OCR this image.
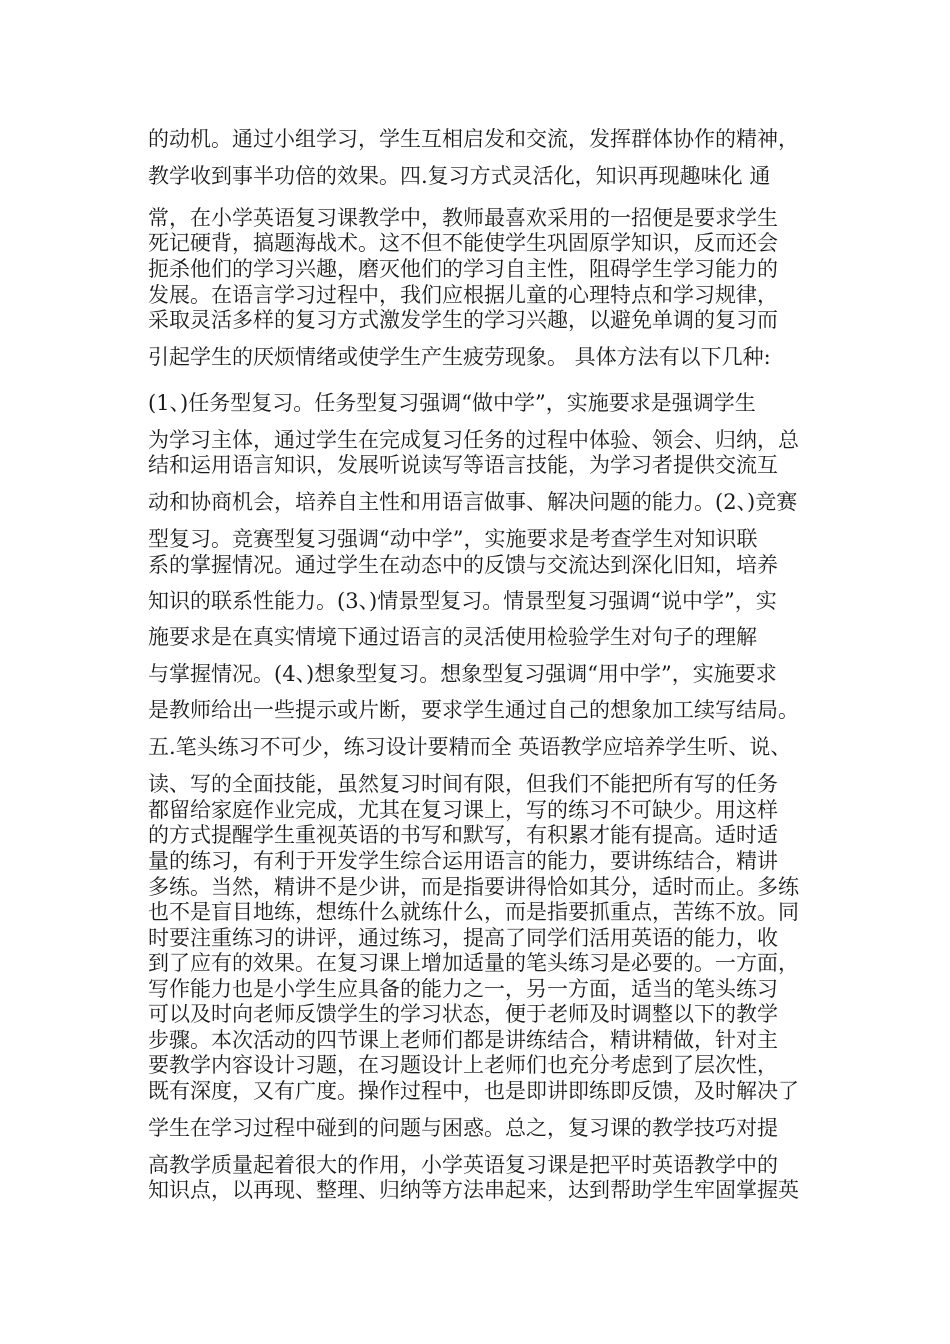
的动机。通过小组学习，学生互相启发和交流，发挥群体协作的精神，
教学收到事半功倍的效果。四.复习方式灵活化，知识再现趣味化 通
常，在小学英语复习课教学中，教师最喜欢采用的一招便是要求学生
死记硬背，搞题海战术。这不但不能使学生巩固原学知识，反而还会
扼杀他们的学习兴趣，磨灭他们的学习自主性，阻碍学生学习能力的
发展。在语言学习过程中，我们应根据儿童的心理特点和学习规律，
采取灵活多样的复习方式激发学生的学习兴趣，以避免单调的复习而
引起学生的厌烦情绪或使学生产生疲劳现象。 具体方法有以下几种:
(1、)任务型复习。任务型复习强调“做中学”，实施要求是强调学生
为学习主体，通过学生在完成复习任务的过程中体验、领会、归纳，总
结和运用语言知识，发展听说读写等语言技能，为学习者提供交流互
动和协商机会，培养自主性和用语言做事、解决问题的能力。(2、)竞赛
型复习。竞赛型复习强调“动中学”，实施要求是考查学生对知识联
系的掌握情况。通过学生在动态中的反馈与交流达到深化旧知，培养
知识的联系性能力。(3、)情景型复习。情景型复习强调“说中学”，实
施要求是在真实情境下通过语言的灵活使用检验学生对句子的理解
与掌握情况。(4、)想象型复习。想象型复习强调“用中学”，实施要求
是教师给出一些提示或片断，要求学生通过自己的想象加工续写结局。
五.笔头练习不可少，练习设计要精而全 英语教学应培养学生听、说、
读、写的全面技能，虽然复习时间有限，但我们不能把所有写的任务
都留给家庭作业完成，尤其在复习课上，写的练习不可缺少。用这样
的方式提醒学生重视英语的书写和默写，有积累才能有提高。适时适
量的练习，有利于开发学生综合运用语言的能力，要讲练结合，精讲
多练。当然，精讲不是少讲，而是指要讲得恰如其分，适时而止。多练
也不是盲目地练，想练什么就练什么，而是指要抓重点，苦练不放。同
时要注重练习的讲评，通过练习，提高了同学们活用英语的能力，收
到了应有的效果。在复习课上增加适量的笔头练习是必要的。一方面，
写作能力也是小学生应具备的能力之一，另一方面，适当的笔头练习
可以及时向老师反馈学生的学习状态，便于老师及时调整以下的教学
步骤。本次活动的四节课上老师们都是讲练结合，精讲精做，针对主
要教学内容设计习题，在习题设计上老师们也充分考虑到了层次性，
既有深度，又有广度。操作过程中，也是即讲即练即反馈，及时解决了
学生在学习过程中碰到的问题与困惑。总之，复习课的教学技巧对提
高教学质量起着很大的作用，小学英语复习课是把平时英语教学中的
知识点，以再现、整理、归纳等方法串起来，达到帮助学生牢固掌握英
